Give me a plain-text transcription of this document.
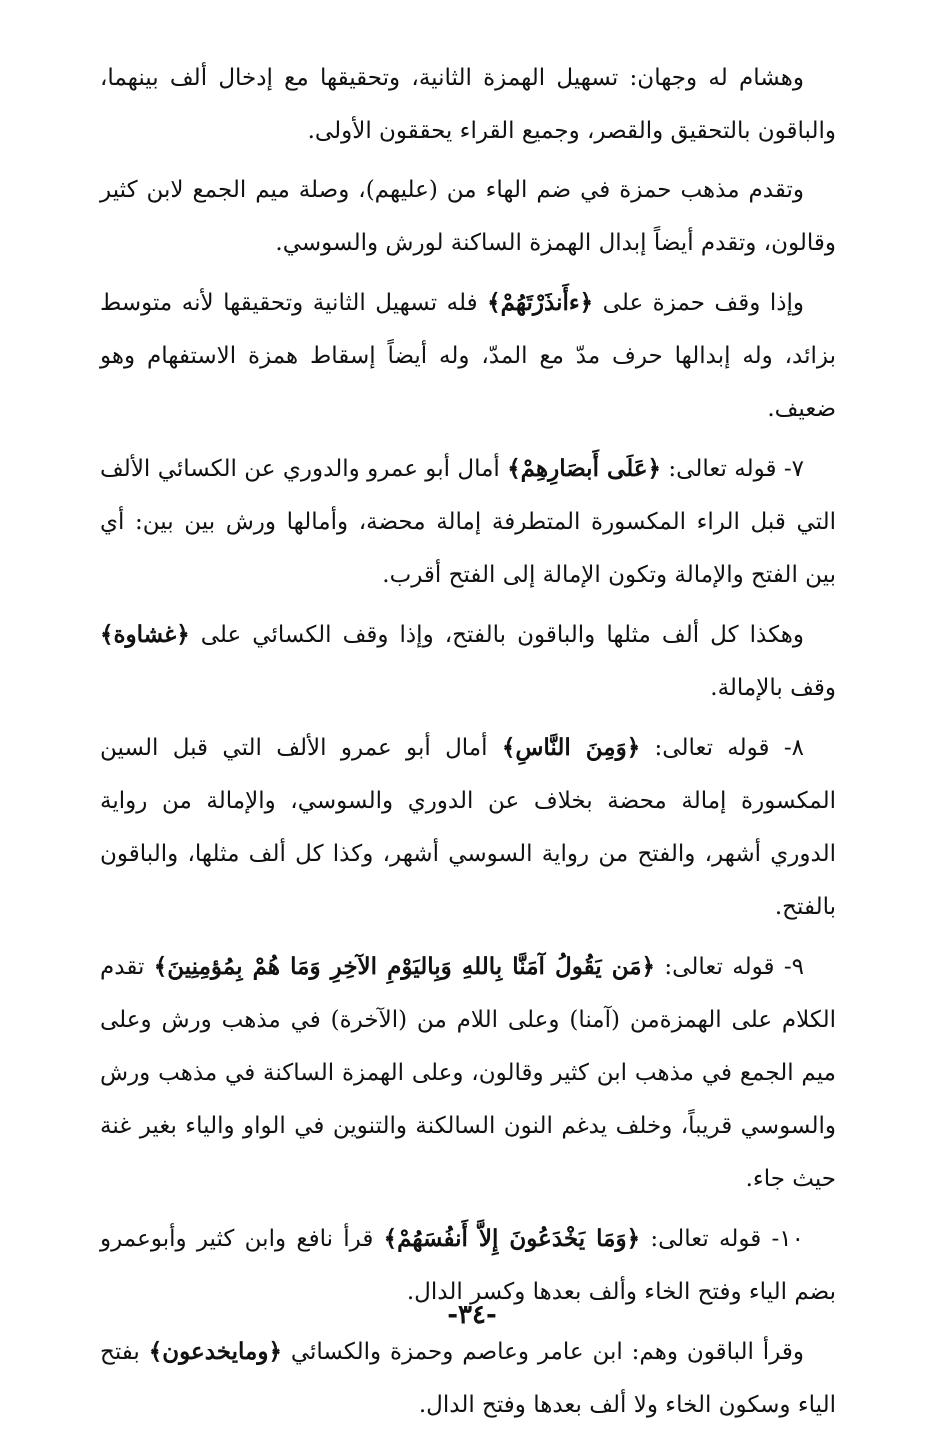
وهشام له وجهان: تسهيل الهمزة الثانية، وتحقيقها مع إدخال ألف بينهما، والباقون بالتحقيق والقصر، وجميع القراء يحققون الأولى.

وتقدم مذهب حمزة في ضم الهاء من (عليهم)، وصلة ميم الجمع لابن كثير وقالون، وتقدم أيضاً إبدال الهمزة الساكنة لورش والسوسي.

وإذا وقف حمزة على ﴿ءأَنذَرْتَهُمْ﴾ فله تسهيل الثانية وتحقيقها لأنه متوسط بزائد، وله إبدالها حرف مدّ مع المدّ، وله أيضاً إسقاط همزة الاستفهام وهو ضعيف.

٧- قوله تعالى: ﴿عَلَى أَبصَارِهِمْ﴾ أمال أبو عمرو والدوري عن الكسائي الألف التي قبل الراء المكسورة المتطرفة إمالة محضة، وأمالها ورش بين بين: أي بين الفتح والإمالة وتكون الإمالة إلى الفتح أقرب.

وهكذا كل ألف مثلها والباقون بالفتح، وإذا وقف الكسائي على ﴿غشاوة﴾ وقف بالإمالة.

٨- قوله تعالى: ﴿وَمِنَ النَّاسِ﴾ أمال أبو عمرو الألف التي قبل السين المكسورة إمالة محضة بخلاف عن الدوري والسوسي، والإمالة من رواية الدوري أشهر، والفتح من رواية السوسي أشهر، وكذا كل ألف مثلها، والباقون بالفتح.

٩- قوله تعالى: ﴿مَن يَقُولُ آمَنَّا بِاللهِ وَبِاليَوْمِ الآخِرِ وَمَا هُمْ بِمُؤمِنِينَ﴾ تقدم الكلام على الهمزةمن (آمنا) وعلى اللام من (الآخرة) في مذهب ورش وعلى ميم الجمع في مذهب ابن كثير وقالون، وعلى الهمزة الساكنة في مذهب ورش والسوسي قريباً، وخلف يدغم النون السالكنة والتنوين في الواو والياء بغير غنة حيث جاء.

١٠- قوله تعالى: ﴿وَمَا يَخْدَعُونَ إِلاَّ أَنفُسَهُمْ﴾ قرأ نافع وابن كثير وأبوعمرو بضم الياء وفتح الخاء وألف بعدها وكسر الدال.

وقرأ الباقون وهم: ابن عامر وعاصم وحمزة والكسائي ﴿ومايخدعون﴾ بفتح الياء وسكون الخاء ولا ألف بعدها وفتح الدال.

-٣٤-
